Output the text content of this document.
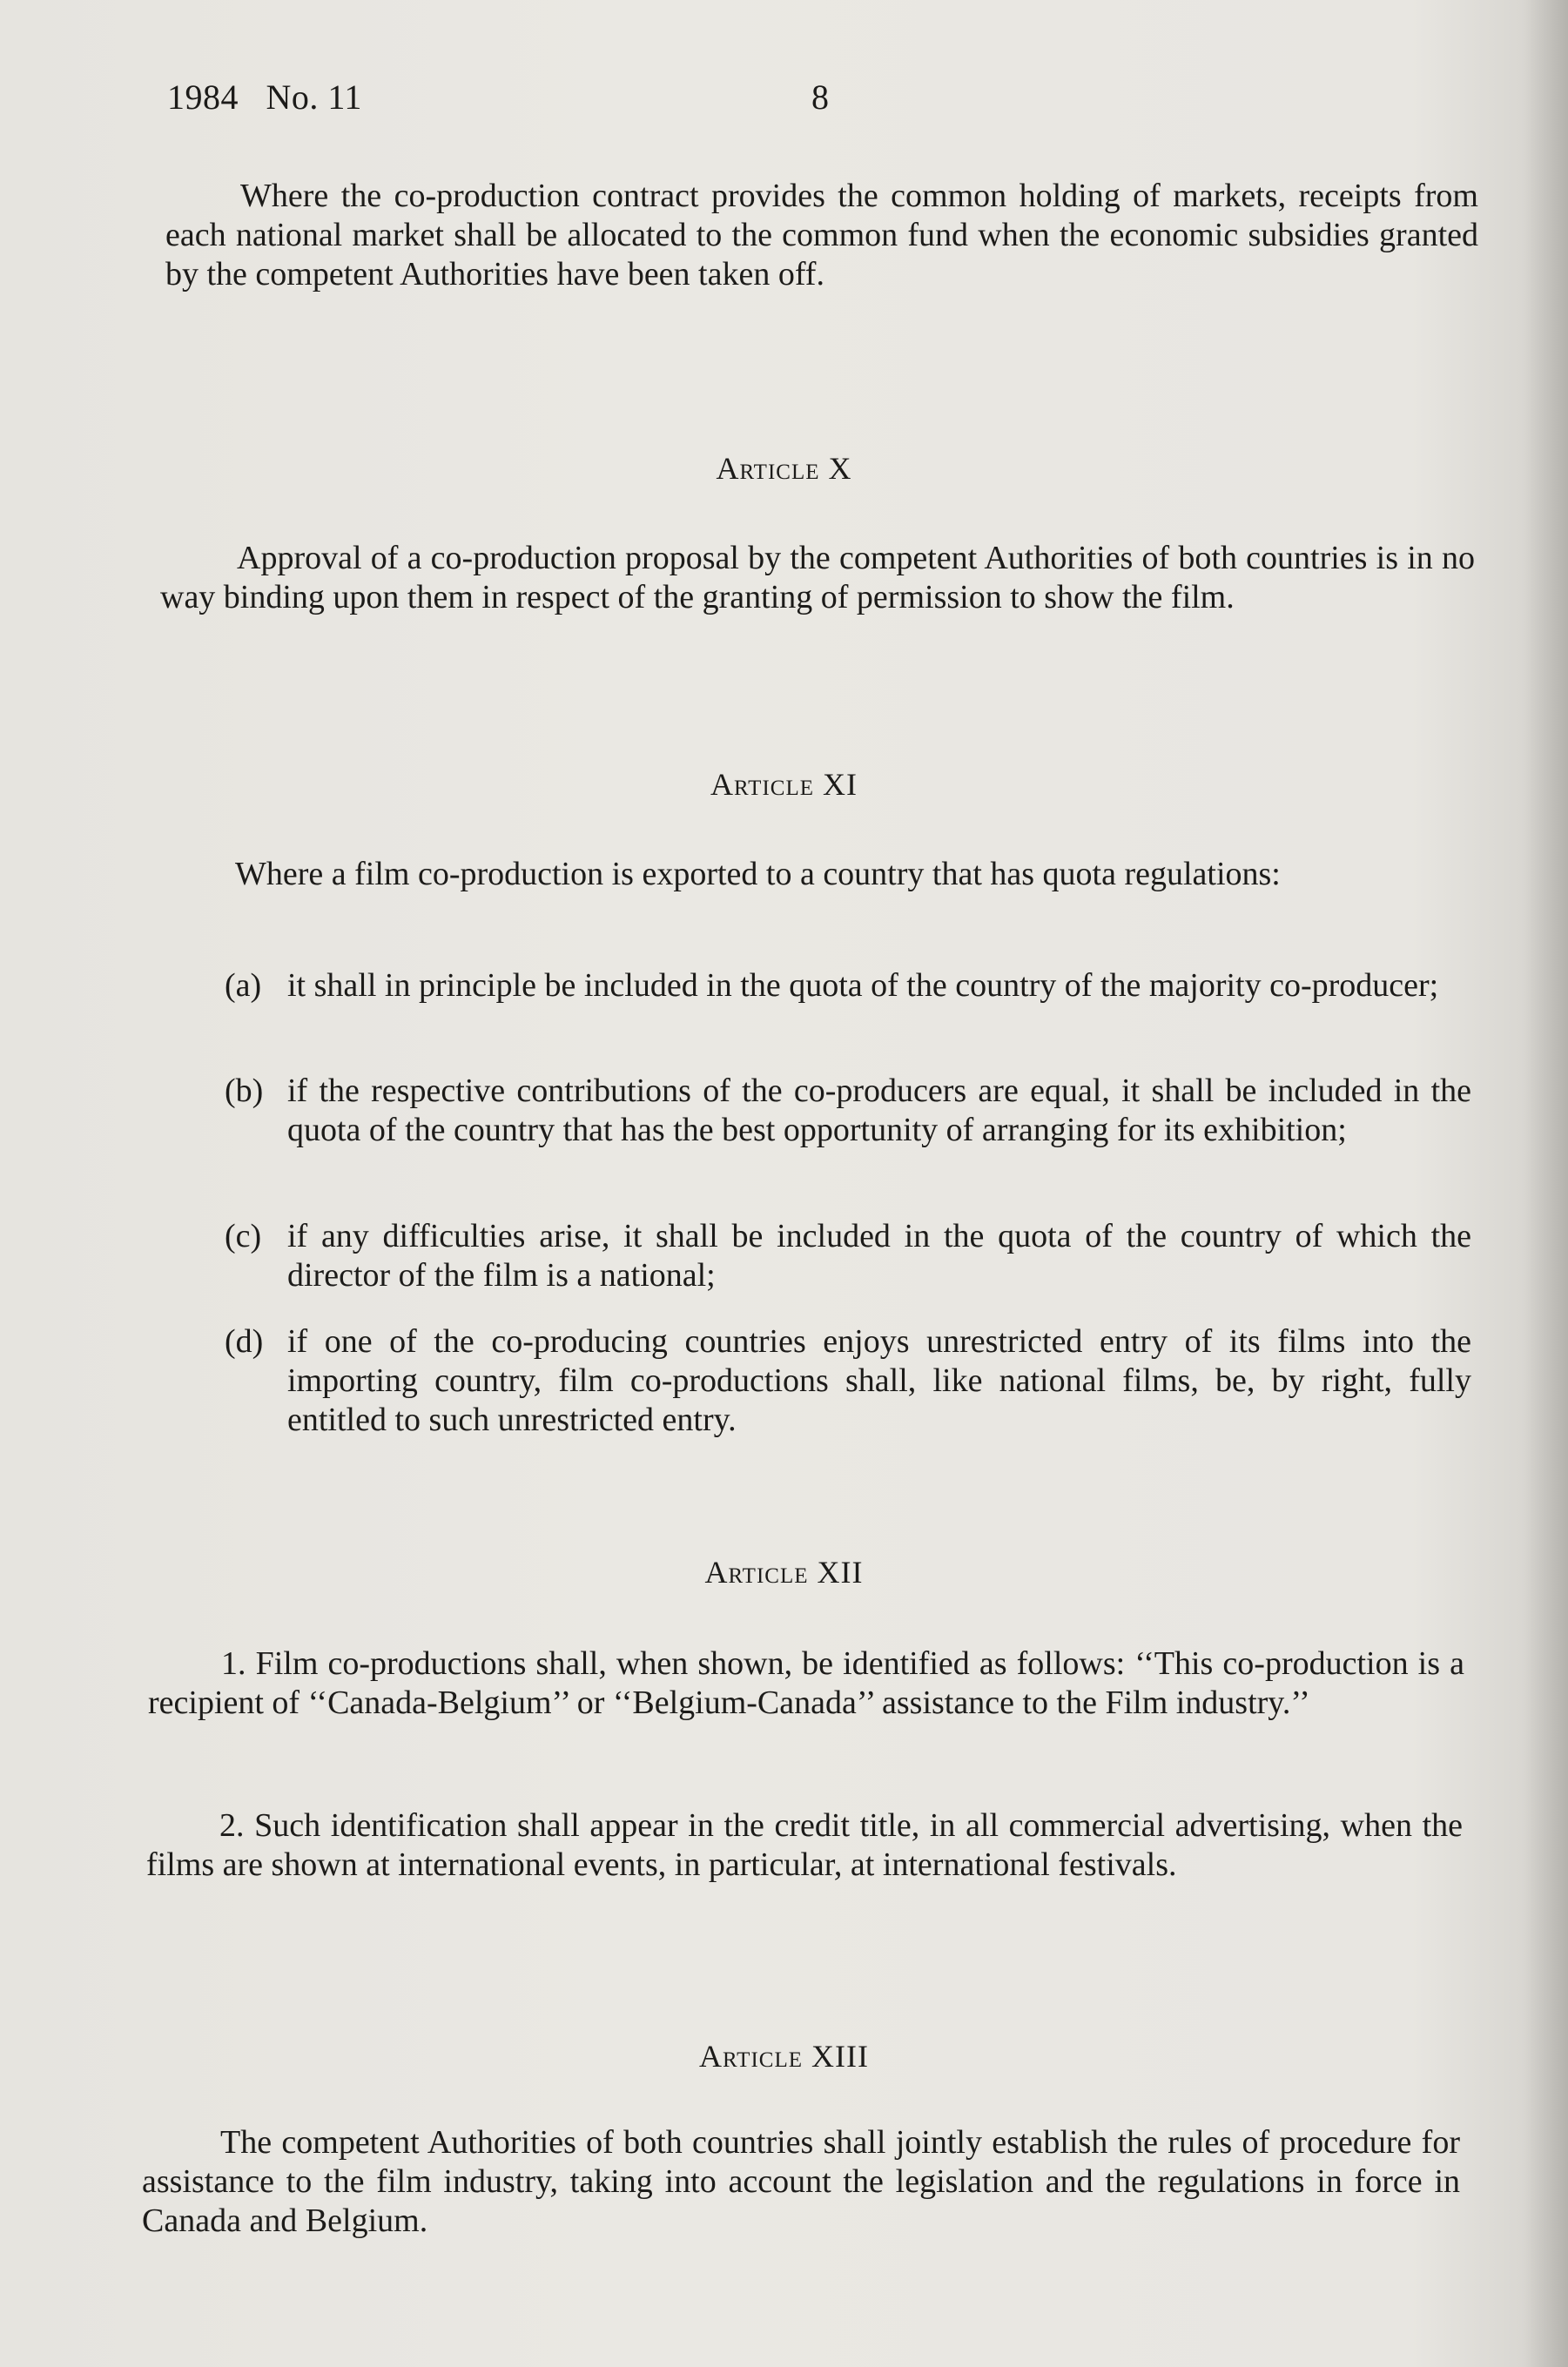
1984   No. 11	8

Where the co-production contract provides the common holding of markets, receipts from each national market shall be allocated to the common fund when the economic subsidies granted by the competent Authorities have been taken off.

Article X

Approval of a co-production proposal by the competent Authorities of both countries is in no way binding upon them in respect of the granting of permission to show the film.

Article XI

Where a film co-production is exported to a country that has quota regulations:

(a) it shall in principle be included in the quota of the country of the majority co-producer;
(b) if the respective contributions of the co-producers are equal, it shall be included in the quota of the country that has the best opportunity of arranging for its exhibition;
(c) if any difficulties arise, it shall be included in the quota of the country of which the director of the film is a national;
(d) if one of the co-producing countries enjoys unrestricted entry of its films into the importing country, film co-productions shall, like national films, be, by right, fully entitled to such unrestricted entry.
Article XII

1. Film co-productions shall, when shown, be identified as follows: ‘‘This co-production is a recipient of ‘‘Canada-Belgium’’ or ‘‘Belgium-Canada’’ assistance to the Film industry.’’

2. Such identification shall appear in the credit title, in all commercial advertising, when the films are shown at international events, in particular, at international festivals.

Article XIII

The competent Authorities of both countries shall jointly establish the rules of procedure for assistance to the film industry, taking into account the legislation and the regulations in force in Canada and Belgium.
